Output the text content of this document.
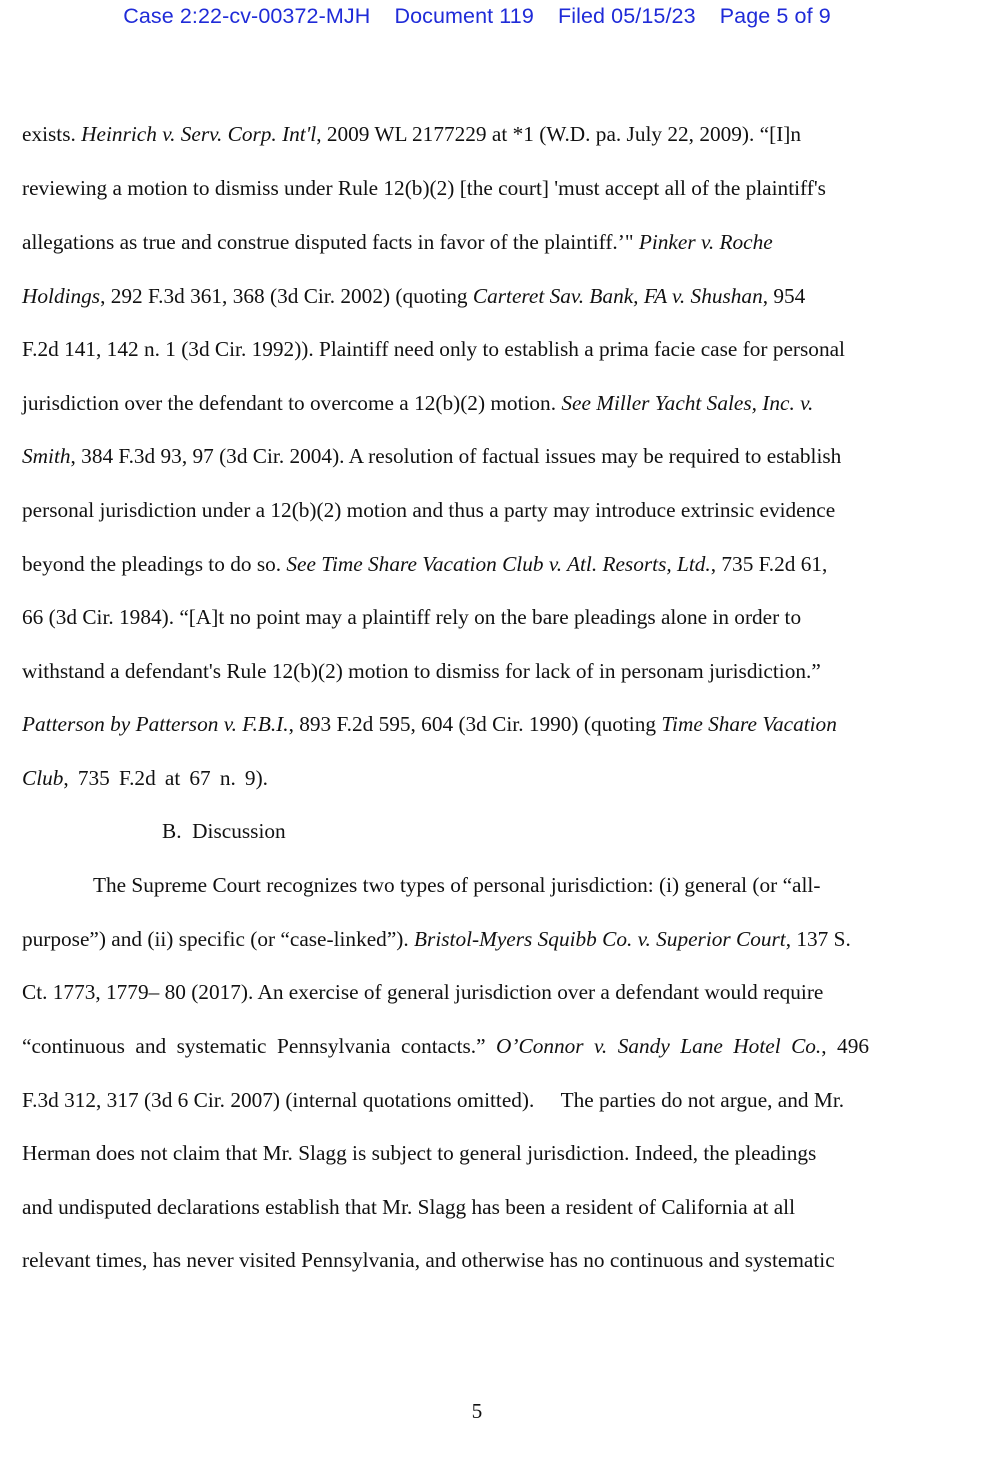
Case 2:22-cv-00372-MJH Document 119 Filed 05/15/23 Page 5 of 9
exists. Heinrich v. Serv. Corp. Int'l, 2009 WL 2177229 at *1 (W.D. pa. July 22, 2009). “[I]n
reviewing a motion to dismiss under Rule 12(b)(2) [the court] 'must accept all of the plaintiff's
allegations as true and construe disputed facts in favor of the plaintiff.’" Pinker v. Roche
Holdings, 292 F.3d 361, 368 (3d Cir. 2002) (quoting Carteret Sav. Bank, FA v. Shushan, 954
F.2d 141, 142 n. 1 (3d Cir. 1992)). Plaintiff need only to establish a prima facie case for personal
jurisdiction over the defendant to overcome a 12(b)(2) motion. See Miller Yacht Sales, Inc. v.
Smith, 384 F.3d 93, 97 (3d Cir. 2004). A resolution of factual issues may be required to establish
personal jurisdiction under a 12(b)(2) motion and thus a party may introduce extrinsic evidence
beyond the pleadings to do so. See Time Share Vacation Club v. Atl. Resorts, Ltd., 735 F.2d 61,
66 (3d Cir. 1984). “[A]t no point may a plaintiff rely on the bare pleadings alone in order to
withstand a defendant's Rule 12(b)(2) motion to dismiss for lack of in personam jurisdiction.”
Patterson by Patterson v. F.B.I., 893 F.2d 595, 604 (3d Cir. 1990) (quoting Time Share Vacation
Club, 735 F.2d at 67 n. 9).
B. Discussion
The Supreme Court recognizes two types of personal jurisdiction: (i) general (or “all-
purpose”) and (ii) specific (or “case-linked”). Bristol-Myers Squibb Co. v. Superior Court, 137 S.
Ct. 1773, 1779– 80 (2017). An exercise of general jurisdiction over a defendant would require
“continuous and systematic Pennsylvania contacts.” O’Connor v. Sandy Lane Hotel Co., 496
F.3d 312, 317 (3d 6 Cir. 2007) (internal quotations omitted).  The parties do not argue, and Mr.
Herman does not claim that Mr. Slagg is subject to general jurisdiction. Indeed, the pleadings
and undisputed declarations establish that Mr. Slagg has been a resident of California at all
relevant times, has never visited Pennsylvania, and otherwise has no continuous and systematic
5
